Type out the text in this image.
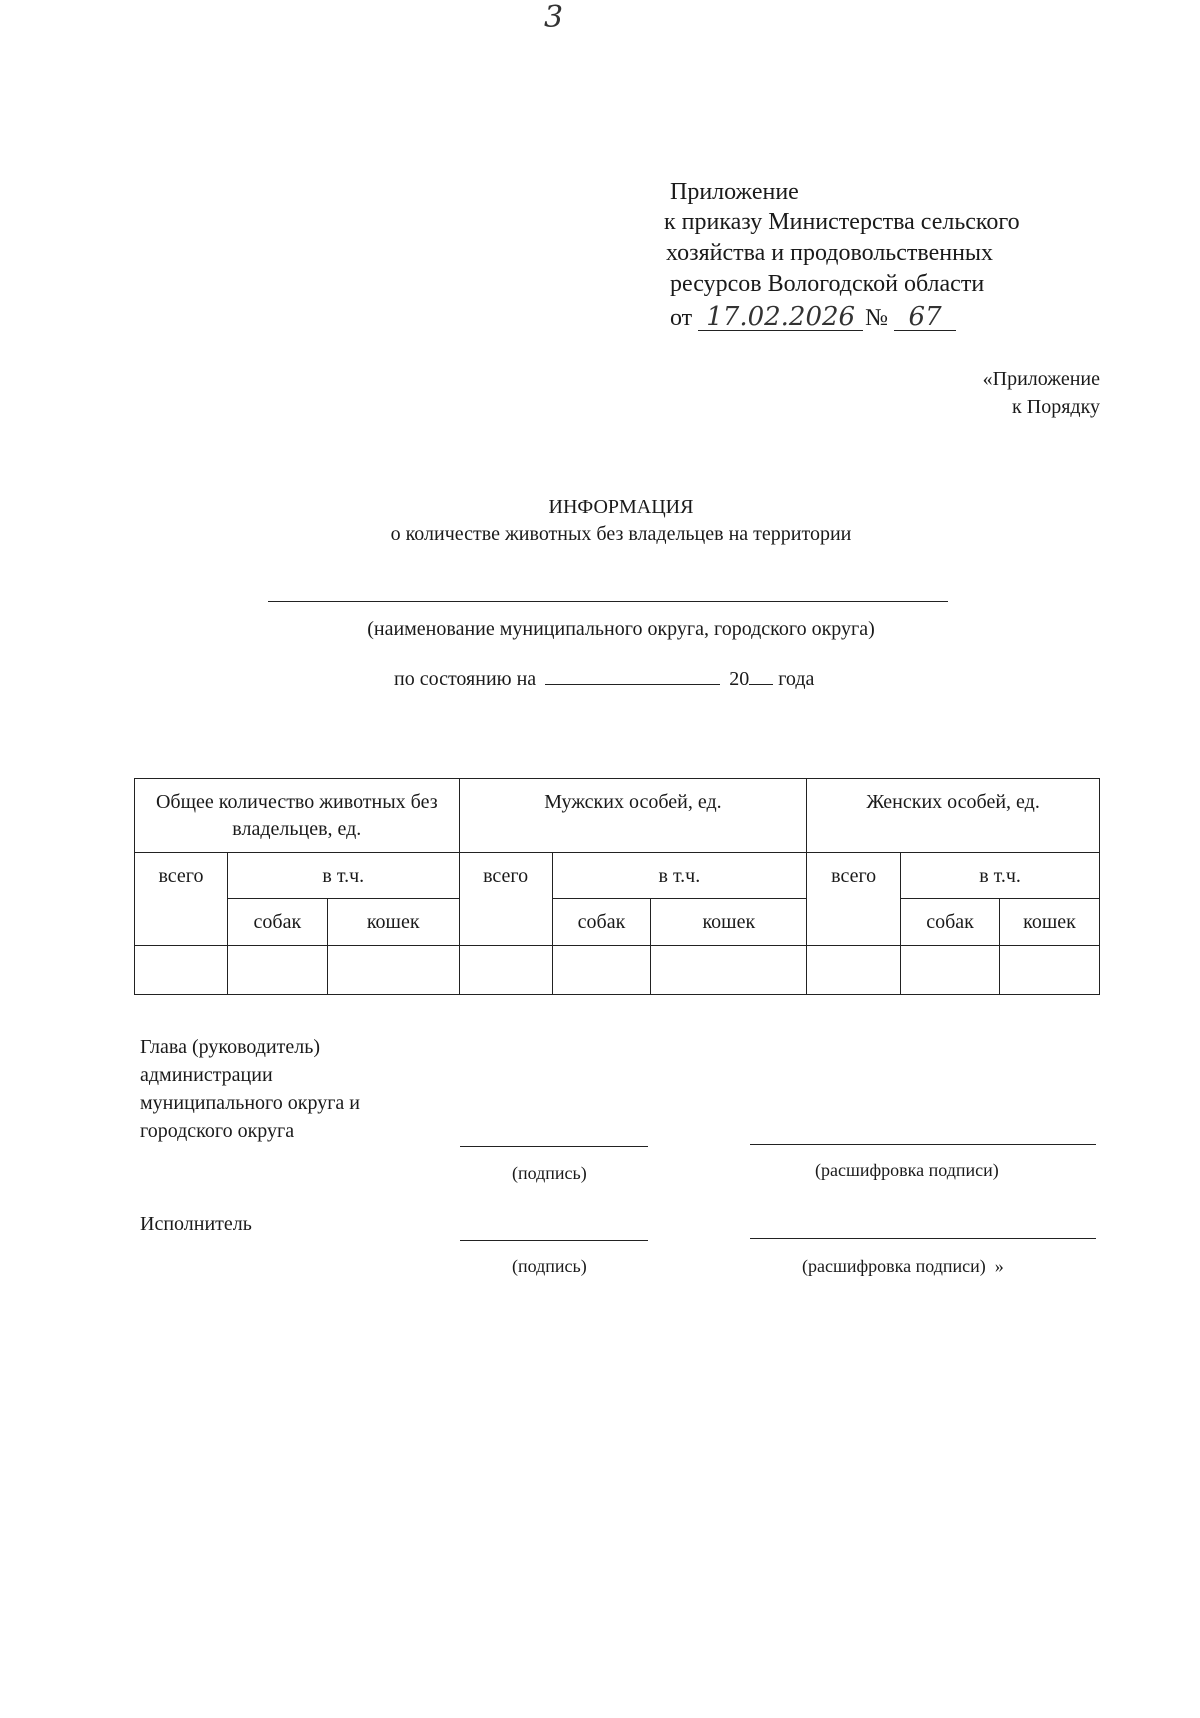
3
Приложение
к приказу Министерства сельского
хозяйства и продовольственных
ресурсов Вологодской области
от 17.02.2026 № 67
«Приложение
к Порядку
ИНФОРМАЦИЯ
о количестве животных без владельцев на территории
(наименование муниципального округа, городского округа)
по состоянию на	20 года
Общее количество животных без владельцев, ед.			Мужских особей, ед.			Женских особей, ед.		
всего	в т.ч.		всего	в т.ч.		всего	в т.ч.	
	собак	кошек		собак	кошек		собак	кошек

Глава (руководитель)
администрации
муниципального округа и
городского округа
(подпись)	(расшифровка подписи)
Исполнитель
(подпись)	(расшифровка подписи) »
